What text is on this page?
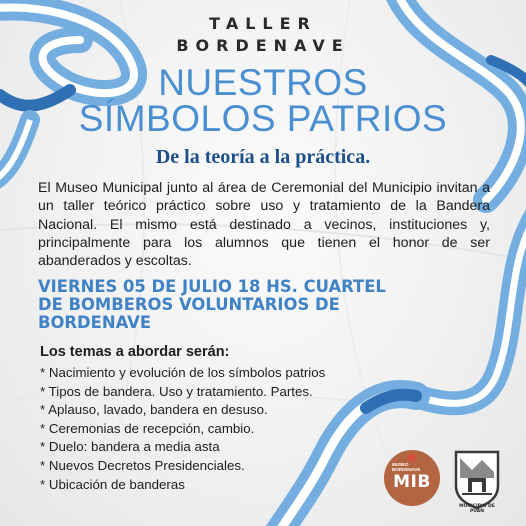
TALLER
BORDENAVE
NUESTROS
SÍMBOLOS PATRIOS
De la teoría a la práctica.
El Museo Municipal junto al área de Ceremonial del Municipio invitan a un taller teórico práctico sobre uso y tratamiento de la Bandera Nacional. El mismo está destinado a vecinos, instituciones y, principalmente para los alumnos que tienen el honor de ser abanderados y escoltas.
VIERNES 05 DE JULIO 18 HS. CUARTEL
DE BOMBEROS VOLUNTARIOS DE
BORDENAVE
Los temas a abordar serán:
* Nacimiento y evolución de los símbolos patrios
* Tipos de bandera. Uso y tratamiento. Partes.
* Aplauso, lavado, bandera en desuso.
* Ceremonias de recepción, cambio.
* Duelo: bandera a media asta
* Nuevos Decretos Presidenciales.
* Ubicación de banderas
MUSEO BORDENAVE
MIB
MUNICIPIO DE PUAN
